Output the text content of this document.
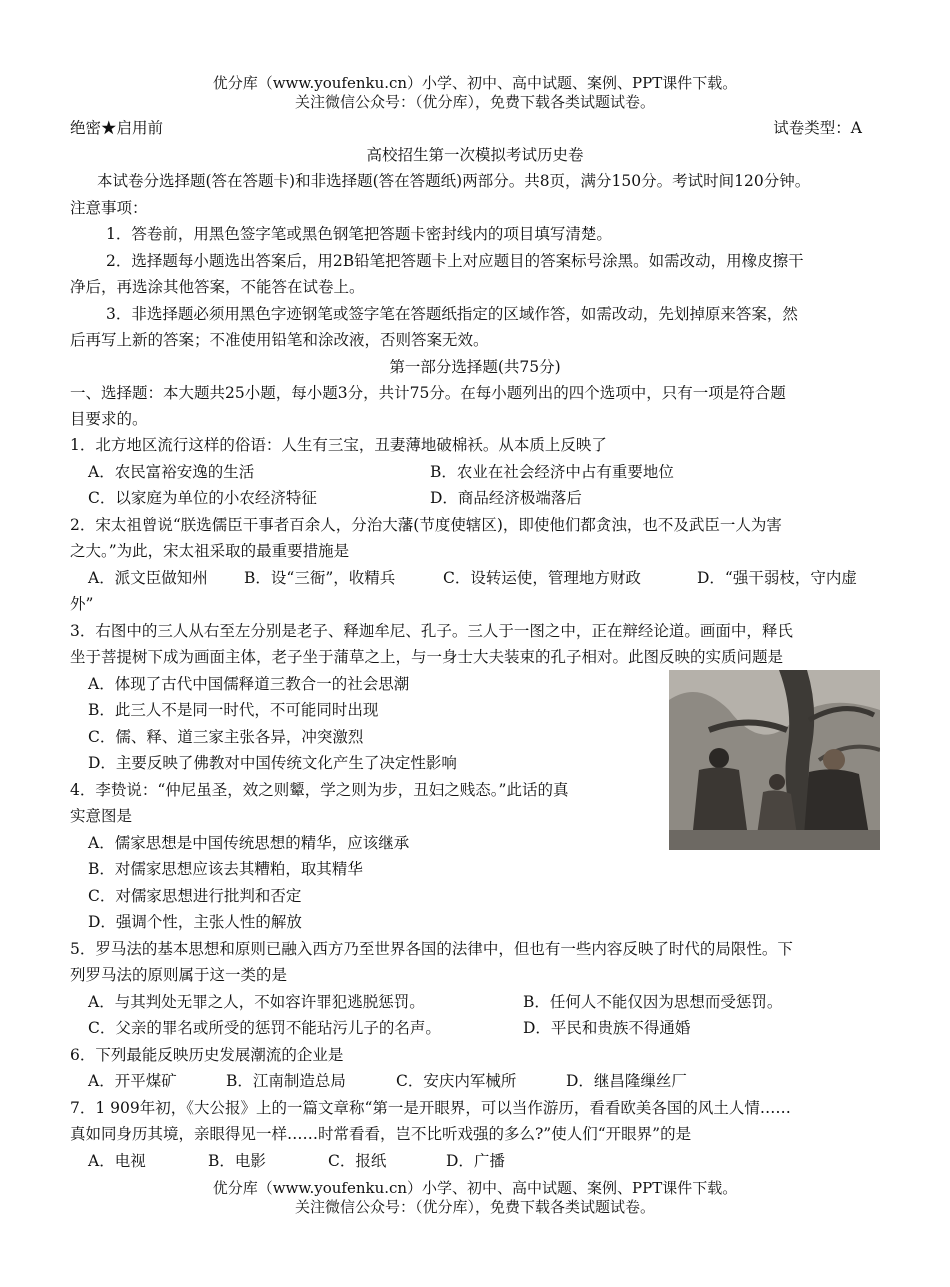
优分库（www.youfenku.cn）小学、初中、高中试题、案例、PPT课件下载。
关注微信公众号：（优分库），免费下载各类试题试卷。
绝密★启用前	试卷类型：A
高校招生第一次模拟考试历史卷
本试卷分选择题(答在答题卡)和非选择题(答在答题纸)两部分。共8页，满分150分。考试时间120分钟。
注意事项：
1．答卷前，用黑色签字笔或黑色钢笔把答题卡密封线内的项目填写清楚。
2．选择题每小题选出答案后，用2B铅笔把答题卡上对应题目的答案标号涂黑。如需改动，用橡皮擦干
净后，再选涂其他答案，不能答在试卷上。
3．非选择题必须用黑色字迹钢笔或签字笔在答题纸指定的区域作答，如需改动，先划掉原来答案，然
后再写上新的答案；不准使用铅笔和涂改液，否则答案无效。
第一部分选择题(共75分)
一、选择题：本大题共25小题，每小题3分，共计75分。在每小题列出的四个选项中，只有一项是符合题
目要求的。
1．北方地区流行这样的俗语：人生有三宝，丑妻薄地破棉袄。从本质上反映了
A．农民富裕安逸的生活	B．农业在社会经济中占有重要地位
C．以家庭为单位的小农经济特征	D．商品经济极端落后
2．宋太祖曾说“朕选儒臣干事者百余人，分治大藩(节度使辖区)，即使他们都贪浊，也不及武臣一人为害
之大。”为此，宋太祖采取的最重要措施是
A．派文臣做知州 B．设“三衙”，收精兵	C．设转运使，管理地方财政	D．“强干弱枝，守内虚
外”
3．右图中的三人从右至左分别是老子、释迦牟尼、孔子。三人于一图之中，正在辩经论道。画面中，释氏
坐于菩提树下成为画面主体，老子坐于蒲草之上，与一身士大夫装束的孔子相对。此图反映的实质问题是
A．体现了古代中国儒释道三教合一的社会思潮
B．此三人不是同一时代，不可能同时出现
C．儒、释、道三家主张各异，冲突激烈
D．主要反映了佛教对中国传统文化产生了决定性影响
4．李贽说：“仲尼虽圣，效之则颦，学之则为步，丑妇之贱态。”此话的真
实意图是
A．儒家思想是中国传统思想的精华，应该继承
B．对儒家思想应该去其糟粕，取其精华
C．对儒家思想进行批判和否定
D．强调个性，主张人性的解放
5．罗马法的基本思想和原则已融入西方乃至世界各国的法律中，但也有一些内容反映了时代的局限性。下
列罗马法的原则属于这一类的是
A．与其判处无罪之人，不如容许罪犯逃脱惩罚。	B．任何人不能仅因为思想而受惩罚。
C．父亲的罪名或所受的惩罚不能玷污儿子的名声。	D．平民和贵族不得通婚
6．下列最能反映历史发展潮流的企业是
A．开平煤矿	B．江南制造总局	C．安庆内军械所	D．继昌隆缫丝厂
7．1 909年初，《大公报》上的一篇文章称“第一是开眼界，可以当作游历，看看欧美各国的风土人情……
真如同身历其境，亲眼得见一样……时常看看，岂不比听戏强的多么?”使人们“开眼界”的是
A．电视	B．电影	C．报纸	D．广播
优分库（www.youfenku.cn）小学、初中、高中试题、案例、PPT课件下载。
关注微信公众号：（优分库），免费下载各类试题试卷。
